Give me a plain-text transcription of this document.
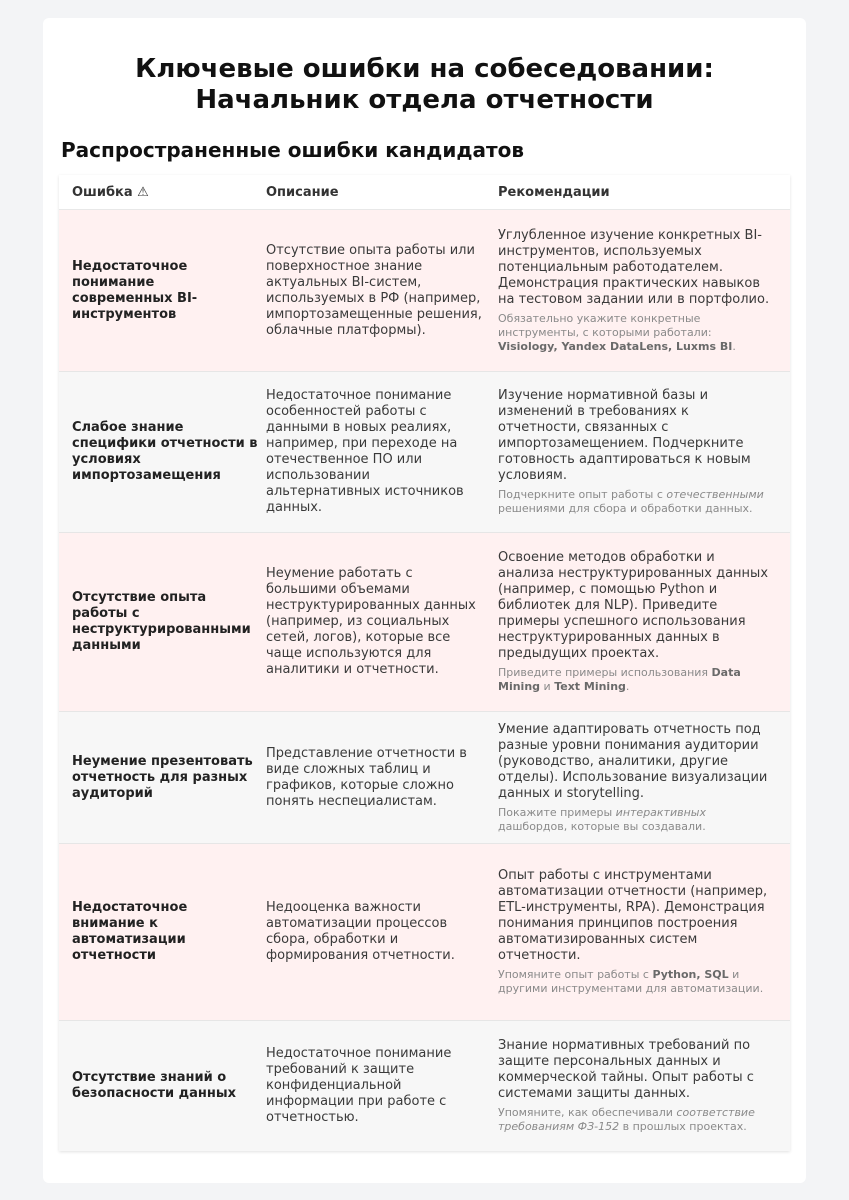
Ключевые ошибки на собеседовании:
Начальник отдела отчетности
Распространенные ошибки кандидатов
Ошибка ⚠	Описание	Рекомендации
Недостаточное понимание современных BI-инструментов
Отсутствие опыта работы или поверхностное знание актуальных BI-систем, используемых в РФ (например, импортозамещенные решения, облачные платформы).
Углубленное изучение конкретных BI-инструментов, используемых потенциальным работодателем. Демонстрация практических навыков на тестовом задании или в портфолио.
Обязательно укажите конкретные инструменты, с которыми работали: Visiology, Yandex DataLens, Luxms BI.
Слабое знание специфики отчетности в условиях импортозамещения
Недостаточное понимание особенностей работы с данными в новых реалиях, например, при переходе на отечественное ПО или использовании альтернативных источников данных.
Изучение нормативной базы и изменений в требованиях к отчетности, связанных с импортозамещением. Подчеркните готовность адаптироваться к новым условиям.
Подчеркните опыт работы с отечественными решениями для сбора и обработки данных.
Отсутствие опыта работы с неструктурированными данными
Неумение работать с большими объемами неструктурированных данных (например, из социальных сетей, логов), которые все чаще используются для аналитики и отчетности.
Освоение методов обработки и анализа неструктурированных данных (например, с помощью Python и библиотек для NLP). Приведите примеры успешного использования неструктурированных данных в предыдущих проектах.
Приведите примеры использования Data Mining и Text Mining.
Неумение презентовать отчетность для разных аудиторий
Представление отчетности в виде сложных таблиц и графиков, которые сложно понять неспециалистам.
Умение адаптировать отчетность под разные уровни понимания аудитории (руководство, аналитики, другие отделы). Использование визуализации данных и storytelling.
Покажите примеры интерактивных дашбордов, которые вы создавали.
Недостаточное внимание к автоматизации отчетности
Недооценка важности автоматизации процессов сбора, обработки и формирования отчетности.
Опыт работы с инструментами автоматизации отчетности (например, ETL-инструменты, RPA). Демонстрация понимания принципов построения автоматизированных систем отчетности.
Упомяните опыт работы с Python, SQL и другими инструментами для автоматизации.
Отсутствие знаний о безопасности данных
Недостаточное понимание требований к защите конфиденциальной информации при работе с отчетностью.
Знание нормативных требований по защите персональных данных и коммерческой тайны. Опыт работы с системами защиты данных.
Упомяните, как обеспечивали соответствие требованиям ФЗ-152 в прошлых проектах.
